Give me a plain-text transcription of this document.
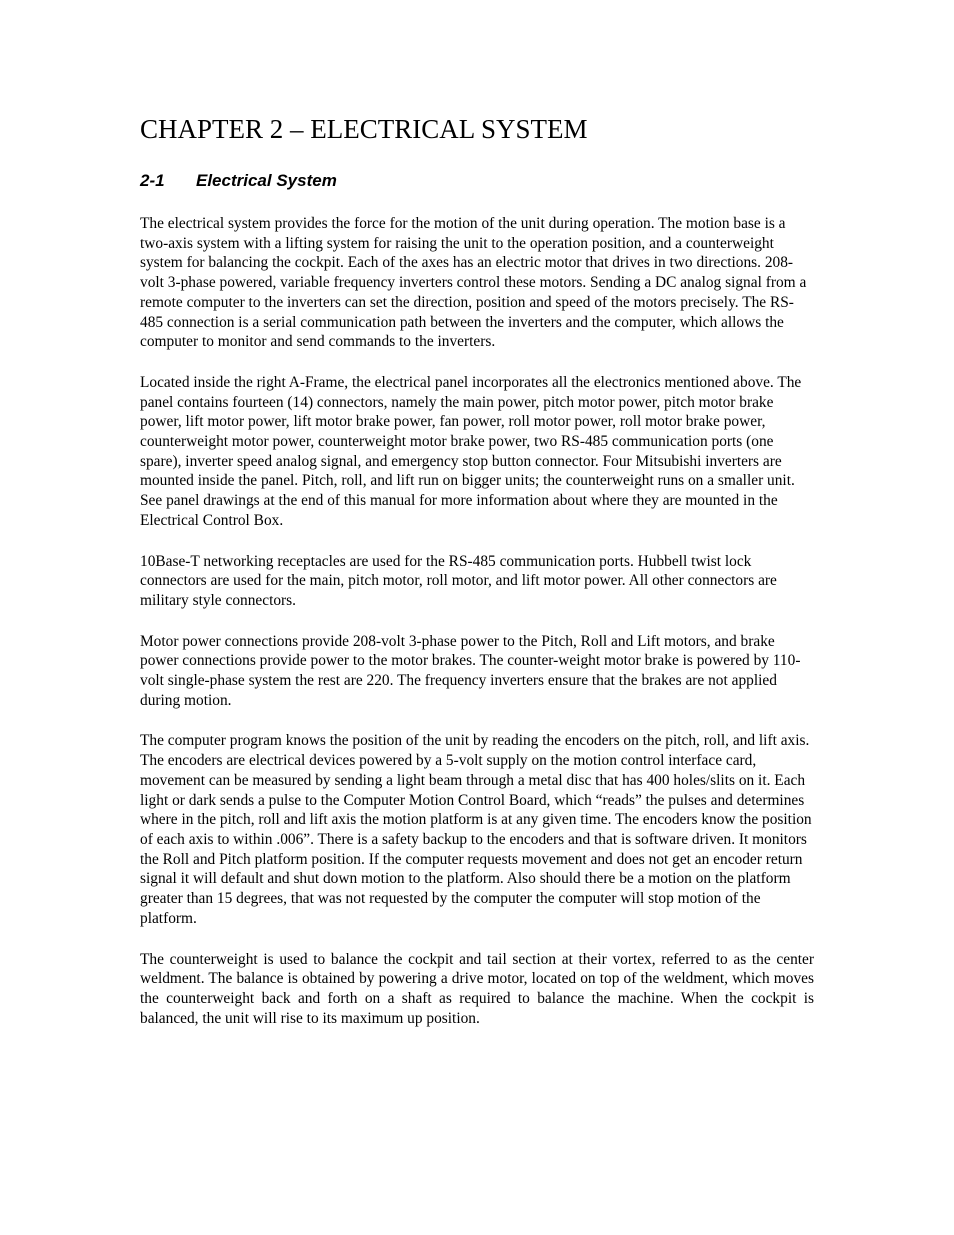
CHAPTER 2 – ELECTRICAL SYSTEM
2-1	Electrical System

The electrical system provides the force for the motion of the unit during operation. The motion base is a two-axis system with a lifting system for raising the unit to the operation position, and a counterweight system for balancing the cockpit. Each of the axes has an electric motor that drives in two directions. 208-volt 3-phase powered, variable frequency inverters control these motors. Sending a DC analog signal from a remote computer to the inverters can set the direction, position and speed of the motors precisely. The RS-485 connection is a serial communication path between the inverters and the computer, which allows the computer to monitor and send commands to the inverters.

Located inside the right A-Frame, the electrical panel incorporates all the electronics mentioned above. The panel contains fourteen (14) connectors, namely the main power, pitch motor power, pitch motor brake power, lift motor power, lift motor brake power, fan power, roll motor power, roll motor brake power, counterweight motor power, counterweight motor brake power, two RS-485 communication ports (one spare), inverter speed analog signal, and emergency stop button connector. Four Mitsubishi inverters are mounted inside the panel. Pitch, roll, and lift run on bigger units; the counterweight runs on a smaller unit. See panel drawings at the end of this manual for more information about where they are mounted in the Electrical Control Box.

10Base-T networking receptacles are used for the RS-485 communication ports. Hubbell twist lock connectors are used for the main, pitch motor, roll motor, and lift motor power. All other connectors are military style connectors.

Motor power connections provide 208-volt 3-phase power to the Pitch, Roll and Lift motors, and brake power connections provide power to the motor brakes. The counter-weight motor brake is powered by 110-volt single-phase system the rest are 220. The frequency inverters ensure that the brakes are not applied during motion.

The computer program knows the position of the unit by reading the encoders on the pitch, roll, and lift axis. The encoders are electrical devices powered by a 5-volt supply on the motion control interface card, movement can be measured by sending a light beam through a metal disc that has 400 holes/slits on it. Each light or dark sends a pulse to the Computer Motion Control Board, which “reads” the pulses and determines where in the pitch, roll and lift axis the motion platform is at any given time. The encoders know the position of each axis to within .006”. There is a safety backup to the encoders and that is software driven. It monitors the Roll and Pitch platform position. If the computer requests movement and does not get an encoder return signal it will default and shut down motion to the platform. Also should there be a motion on the platform greater than 15 degrees, that was not requested by the computer the computer will stop motion of the platform.

The counterweight is used to balance the cockpit and tail section at their vortex, referred to as the center weldment. The balance is obtained by powering a drive motor, located on top of the weldment, which moves the counterweight back and forth on a shaft as required to balance the machine. When the cockpit is balanced, the unit will rise to its maximum up position.
